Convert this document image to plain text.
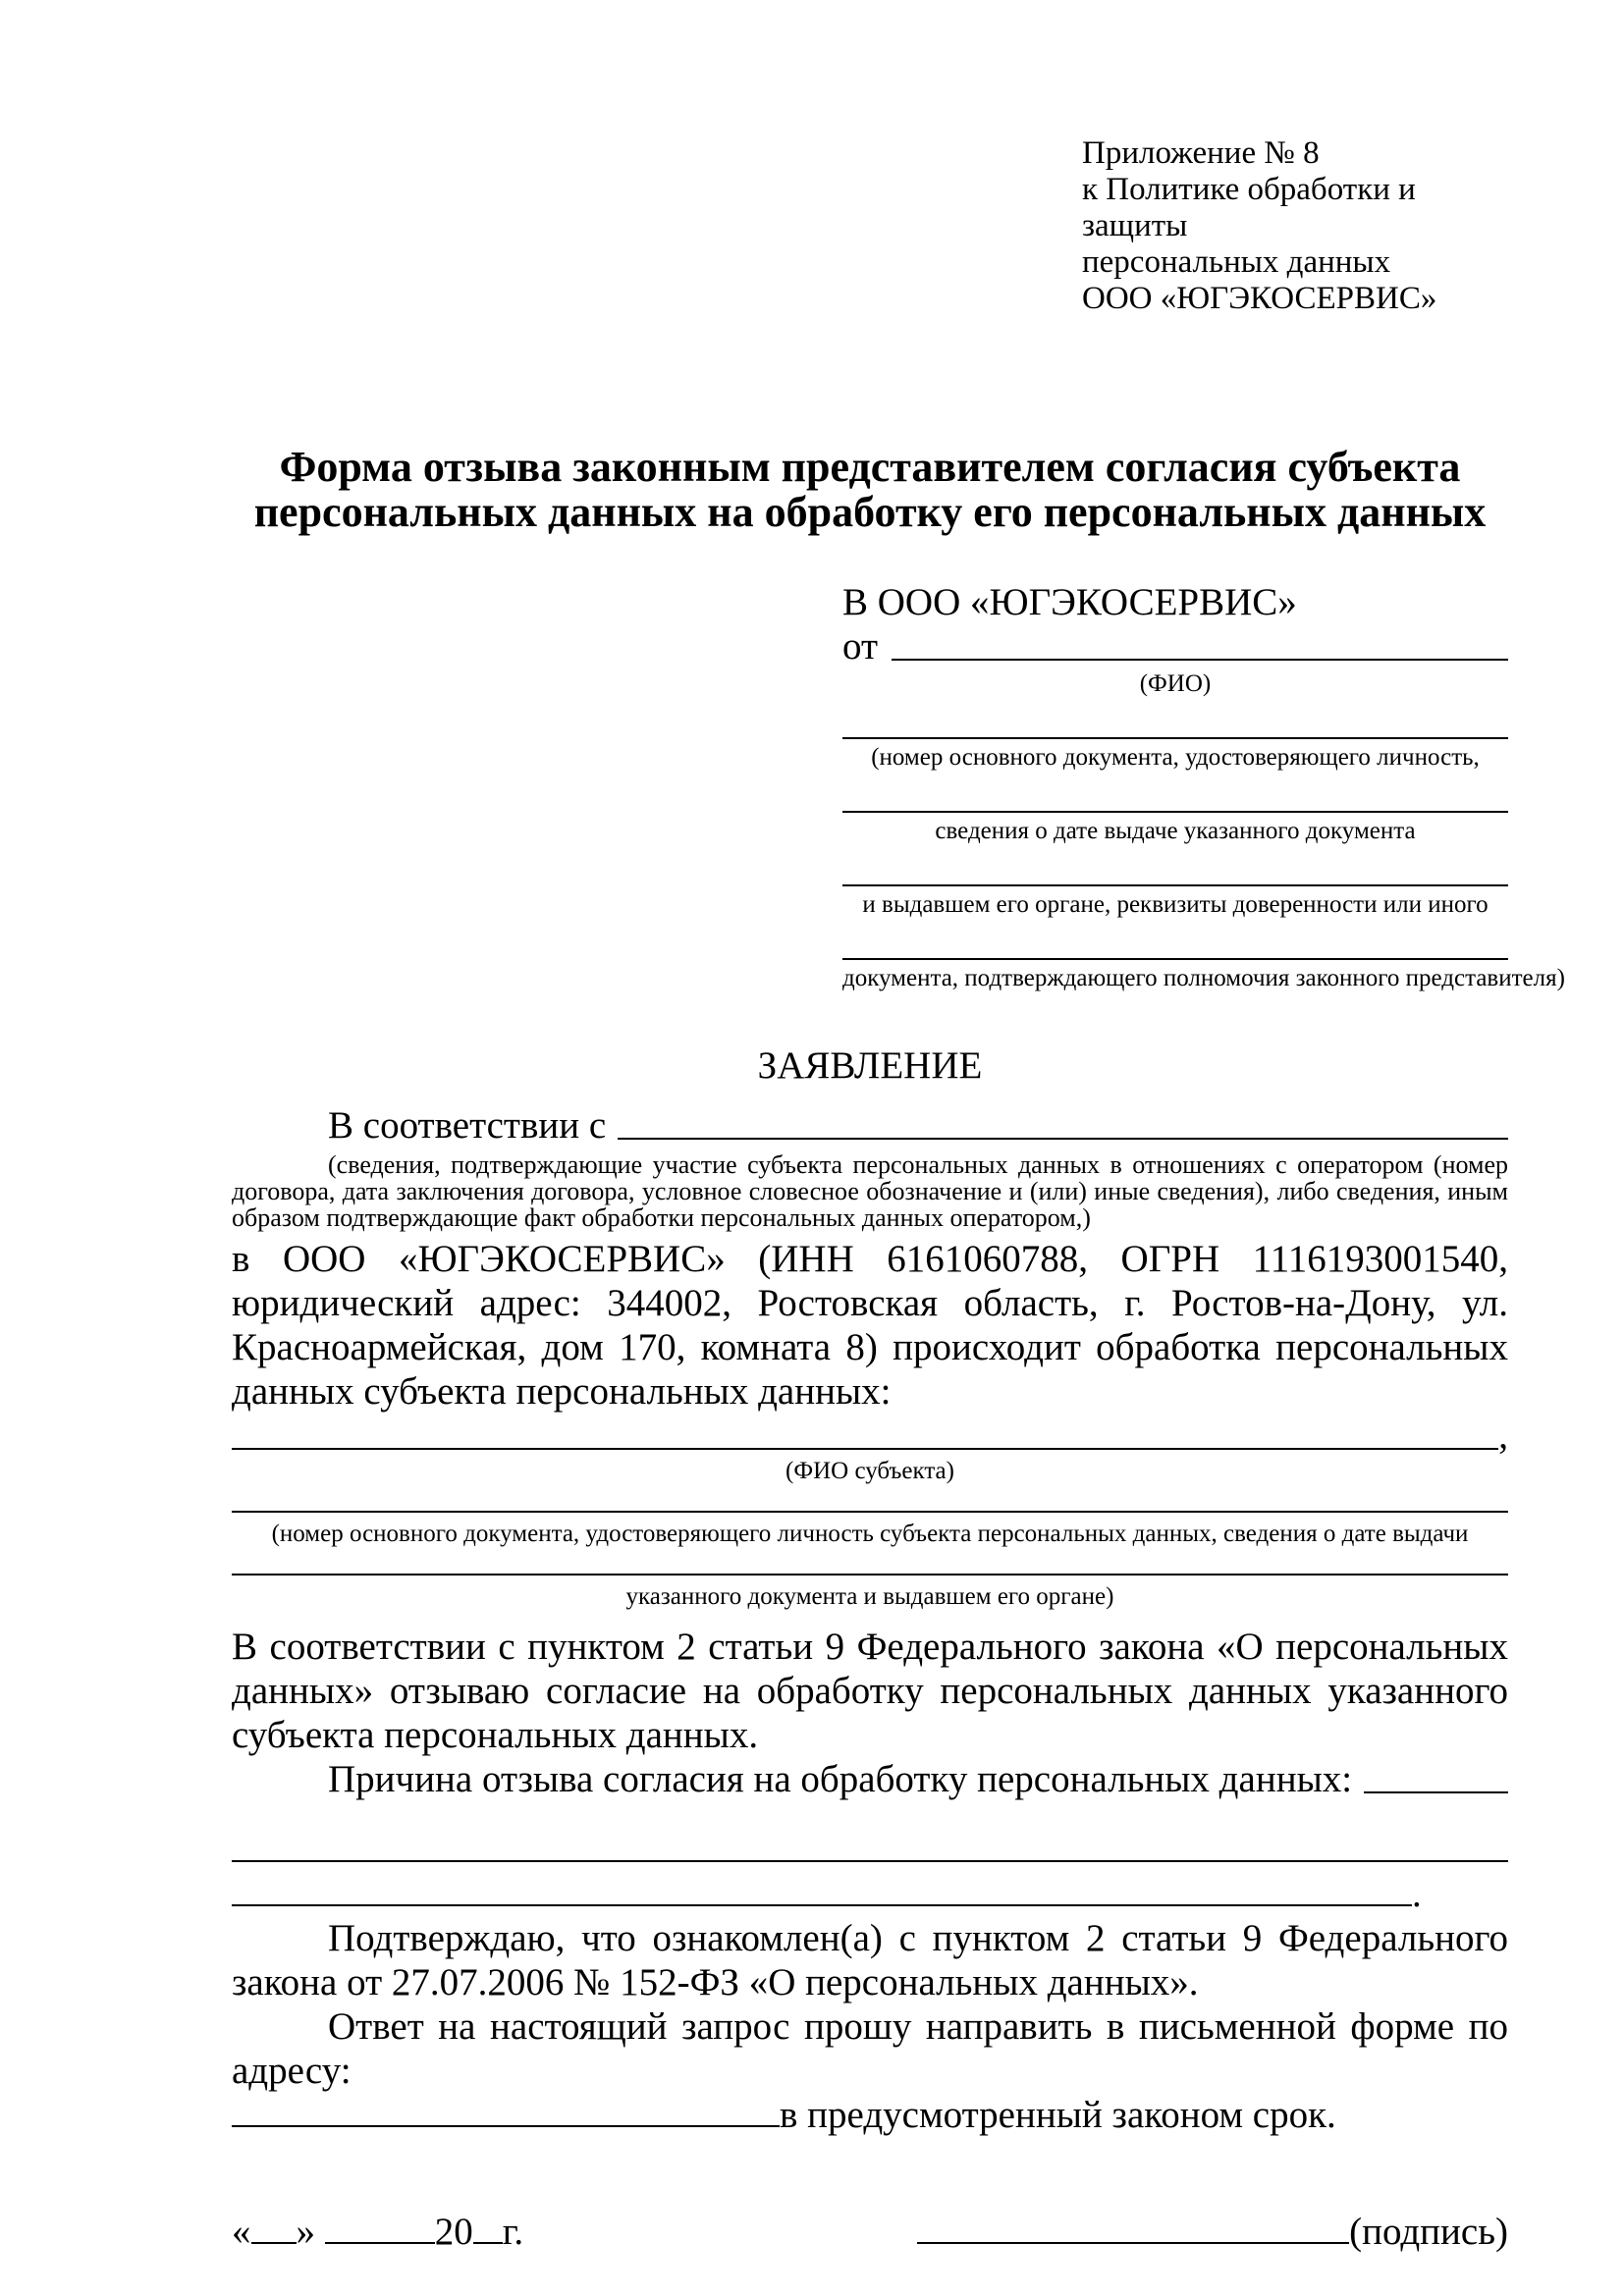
Приложение № 8
к Политике обработки и защиты
персональных данных
ООО «ЮГЭКОСЕРВИС»
Форма отзыва законным представителем согласия субъекта персональных данных на обработку его персональных данных
В ООО «ЮГЭКОСЕРВИС»
от
(ФИО)
(номер основного документа, удостоверяющего личность,
сведения о дате выдаче указанного документа
и выдавшем его органе, реквизиты доверенности или иного
документа, подтверждающего полномочия законного представителя)
ЗАЯВЛЕНИЕ
В соответствии с
(сведения, подтверждающие участие субъекта персональных данных в отношениях с оператором (номер договора, дата заключения договора, условное словесное обозначение и (или) иные сведения), либо сведения, иным образом подтверждающие факт обработки персональных данных оператором,)
в ООО «ЮГЭКОСЕРВИС» (ИНН 6161060788, ОГРН 1116193001540, юридический адрес: 344002, Ростовская область, г. Ростов-на-Дону, ул. Красноармейская, дом 170, комната 8) происходит обработка персональных данных субъекта персональных данных:
,
(ФИО субъекта)
(номер основного документа, удостоверяющего личность субъекта персональных данных, сведения о дате выдачи
указанного документа и выдавшем его органе)
В соответствии с пунктом 2 статьи 9 Федерального закона «О персональных данных» отзываю согласие на обработку персональных данных указанного субъекта персональных данных.
Причина отзыва согласия на обработку персональных данных:
.
Подтверждаю, что ознакомлен(а) с пунктом 2 статьи 9 Федерального закона от 27.07.2006 № 152-ФЗ «О персональных данных».
Ответ на настоящий запрос прошу направить в письменной форме по адресу:
в предусмотренный законом срок.
« »	20 г.	(подпись)
